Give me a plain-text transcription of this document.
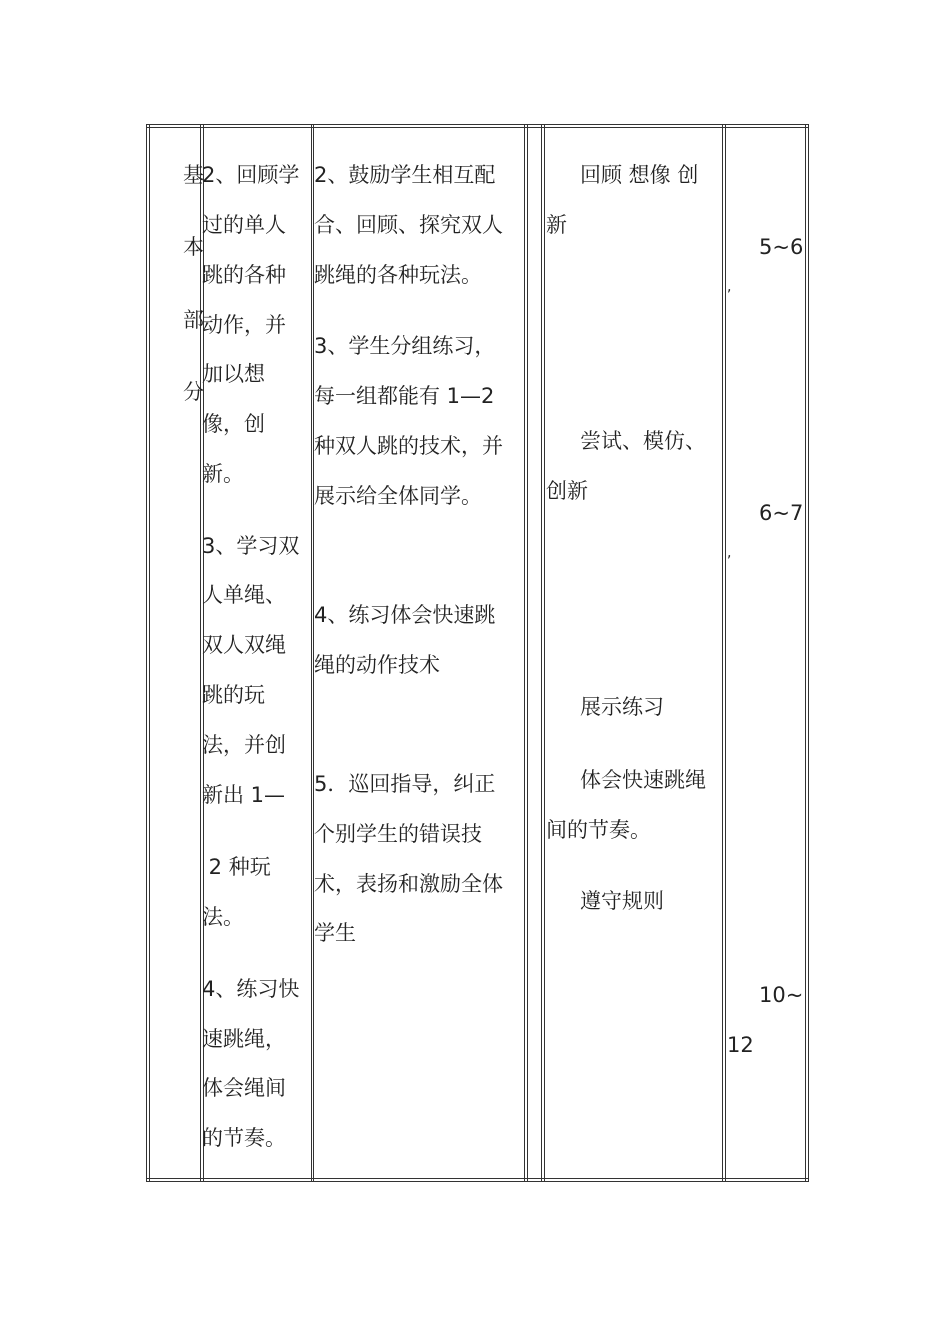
基
本
部
分
2、回顾学
过的单人
跳的各种
动作，并
加以想
像，创
新。
3、学习双
人单绳、
双人双绳
跳的玩
法，并创
新出 1—
2 种玩
法。
4、练习快
速跳绳，
体会绳间
的节奏。
2、鼓励学生相互配
合、回顾、探究双人
跳绳的各种玩法。
3、学生分组练习，
每一组都能有 1—2
种双人跳的技术，并
展示给全体同学。
4、练习体会快速跳
绳的动作技术
5．巡回指导，纠正
个别学生的错误技
术，表扬和激励全体
学生
回顾 想像 创
新
尝试、模仿、
创新
展示练习
体会快速跳绳
间的节奏。
遵守规则
5~6
,
6~7
,
10~
12
